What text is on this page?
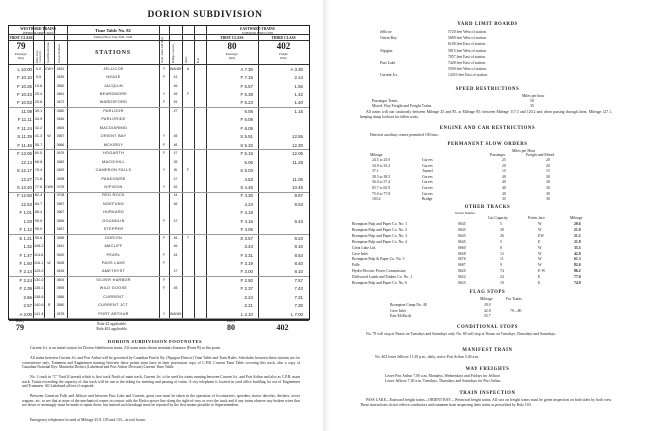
DORION SUBDIVISION
WESTWARD TRAINS
INFERIOR DIRECTION
FIRST CLASS
79
Passenger
Daily	Miles from Current Jct. Speed Restrictions	Station Numbers
Time Table No. 82
Taking Effect June 26th, 1949
STATIONS	Train Orders and Wires	Sidings Capacity	Water	Fuel
EASTWARD TRAINS
SUPERIOR DIRECTION
FIRST CLASS	THIRD CLASS
80
Passenger
Daily
402
Freight
Daily
L 10.00	0.0	CWY 0631	JELLICOE	Y	WANDH	A	A 7.30	A 3.30
F 10.10	5.5	0639	NEAZE	F	41	F 7.15	2.14
F 10.26 15.6	0650	JACQUIN	46	F 6.57	1.56
F 10.43 25.4	0661	BEARDMORE	Y	45	F	F 6.38	1.42
F 10.53 25.8	0672	WARDSFORD	F	51	F 6.23	1.40
11.09 39.1	0680	PARLOOR	47	6.06	1.15
F 11.11 34.9	0646	PARLORIDE	F 6.09
F 11.24 42.2	0654	MACDIARMID	F 6.05
S 11.29 41.3	W	0657	ORIENT BAY	Y	45	S 5.51	12.55
F 11.46 55.7	0666	MCKIRDY	F	46	S 5.32	12.30
F 12.06 60.5	0676	HOGARTH	F	47	F 5.16	12.06
12.14 68.8	0682	MACDIHILL	39	5.06	11.25
S 12.17 76.4	0692	CAMERON FALLS	Y	W	F	S 5.03
12.27 71.8	0698	PANDOWSE	47	4.53	11.05
S 12.40 77.6 CWK 0705	NIPIGON	Y	52	S 4.45	10.45
F 12.50 82.4	0708	RED ROCK	44	F 4.30	9.57
12.53 84.7	0687	NOEFUNG	46	4.24	9.53
F 1.01 88.4	0667	HURKARD	F 4.18
1.03 95.5	0656	GOUNDLIN	F	47	F 4.16	9.43
F 1.12 95.0	0657	STEPPER	F 4.06
S 1.21 95.6	0658	DORION	F	46	T	S 3.57	9.23
1.32 108.2	0641	AMCLIFF	46	3.43	9.10
F 1.47 114.6	0630	PEARL	F	44	F 3.31	8.54
F 1.50 116.1	W	0628	PASS LAKE	F	F 3.19	8.40
F 2.14 125.2	0618	AMETHYST	47	F 3.00	8.10
F 2.24 130.2	0604	SILVER HARBOR	F	F 2.50	7.57
F 2.39 135.1	0595	WILD GOOSE	F	45	F 2.37	7.43
2.56 138.6	0586	CURRENT	2.24	7.31
2.57 140.6	R	0580	CURRENT JCT.	2.21	7.30
A 3.00 141.4	0578	PORT ARTHUR	Y	WANDH	L 2.10	L 7.00
Daily
79	Rule 42 applicable.
Rule 402 applicable.
Daily
80	402
DORION SUBDIVISION FOOTNOTES
Current Jct. is an initial station for Dorion Subdivision trains. All trains must obtain terminal clearance (Form B) at this point.
All trains between Current Jct. and Port Arthur will be governed by Canadian Pacific Ry. (Nipigon District) Time Table and Train Rules. Schedules between these stations are for convenience only. Trainmen and Enginemen running between these points must have in their possession copy of C.P.R. Current Time Table covering this track, also a copy of Canadian National Rys. Manitoba District (Lakehead and Port Arthur Division) Current Time Table.
No. 1 track in "C" Yard (Current) which is first track North of main track, Current Jct. to be used for trains running between Current Jct. and Port Arthur and also as C.P.R. main track. Trains exceeding the capacity of this track will be run to the siding for meeting and passing of trains. A city telephone is located in yard office building for use of Enginemen and Trainmen. All Lakehead offices if required.
Between Cameron Falls and Jellicoe and between Pass Lake and Current, great care must be taken in the operation of locomotives, speeders, motor derricks, ditchers, tower wagons, etc. to see that at none of the mechanical cranes in contact with the Hydro power line along the right-of-way or over the track and if any trains observe any broken wires that are down or seemingly must be made to repair these, but instead such breakage must be reported by the first means possible to Superintendent.
Emergency telephones located at Mileage 25.8, 105 and 133—in tool house.
YARD LIMIT BOARDS
Jellicoe	5720 feet West of station.
Orient Bay	5600 feet West of station.
6100 feet East of station.
Nipigon	5815 feet West of station.
7057 feet East of station.
Pass Lake	7428 feet East of station.
5500 feet West of station.
Current Jct.	14310 feet East of station.
SPEED RESTRICTIONS
Miles per hour
Passenger Trains	50
Mixed, Way Freight and Freight Trains	35
All trains will run cautiously between Mileage 25 and 85, at Mileage 85; between Mileage 117.3 and 120.2 and when passing through Jarnt, Mileage 127.1, keeping sharp lookout for fallen rocks.
ENGINE AND CAR RESTRICTIONS
Heaviest auxiliary cranes permitted 100 tons.
PERMANENT SLOW ORDERS
Miles per Hour
Mileage	Passenger	Freight and Mixed
24.5 to 25.0	Curves	25	20
34.9 to 35.2	Curves	20	20
37.1	Tunnel	15	15
38.3 to 38.5	Curves	40	30
56.0 to 57.4	Curves	40	30
65.7 to 65.9	Curves	40	30
75.0 to 77.8	Curves	40	30
103.4	Bridge	35	30
OTHER TRACKS
Station Number
Car Capacity	Points face	Mileage
Brompton Pulp and Paper Co. No. 1	0645	5	W	20.6
Brompton Pulp and Paper Co. No. 2	0645	30	W	21.0
Brompton Pulp and Paper Co. No. 3	0645	26	EW	21.2
Brompton Pulp and Paper Co. No. 4	0645	5	E	21.8
Great Lake Ltd.	0660	8	W	35.5
Cave Inlet	0658	12	W	42.8
Brompton Pulp & Paper Co. No. 5	0676	11	W	61.3
Palle	0687	9	W	82.0
Hydro-Electric Power Commission	0620	74	E-W	86.2
Driftwood Lands and Timber Co. No. 1	0622	24	E	77.0
Brompton Pulp and Paper Co. No. 6	0625	10	E	74.9
FLAG STOPS
Mileage	For Trains
Brompton Camp No. 48	29.0
Cave Inlet	42.8	79—80
East McKirdy	55.7
CONDITIONAL STOPS
No. 79 will stop at Neazo on Tuesdays and Saturdays only. No. 80 will stop at Neazo on Tuesdays, Thursdays and Saturdays.
MANIFEST TRAIN
No. 402 leave Jellicoe 11.30 p.m., daily, arrive Port Arthur 5.40 a.m.
WAY FREIGHTS
Leave Port Arthur 7.00 a.m. Mondays, Wednesdays and Fridays for Jellicoe.
Leave Jellicoe 7.30 a.m. Tuesdays, Thursdays and Saturdays for Port Arthur.
TRAIN INSPECTION
PASS LAKE—Eastward freight trains—ORIENT BAY—Westward freight trains. All cars on freight trains must be given inspection on both sides by both crew. These instructions do not relieve conductors and trainmen from inspecting their trains as prescribed by Rule 103.
